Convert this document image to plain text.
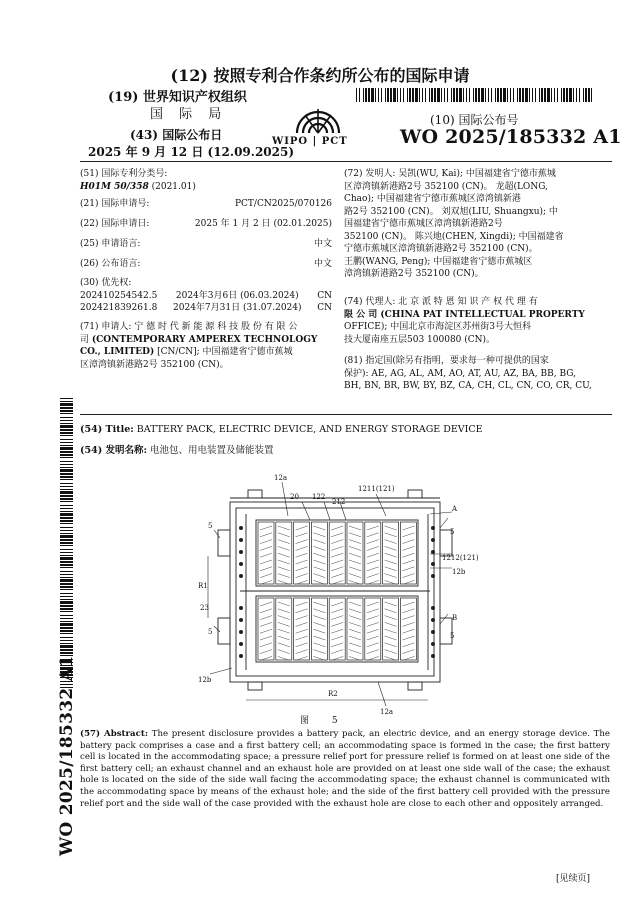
(12) 按照专利合作条约所公布的国际申请
(19) 世界知识产权组织
国 际 局
(43) 国际公布日
2025 年 9 月 12 日 (12.09.2025)
(10) 国际公布号
WO 2025/185332 A1
WIPO | PCT
(51) 国际专利分类号:
H01M 50/358 (2021.01)
(21) 国际申请号:	PCT/CN2025/070126
(22) 国际申请日:	2025 年 1 月 2 日 (02.01.2025)
(25) 申请语言:	中文
(26) 公布语言:	中文
(30) 优先权:
202410254542.5 2024年3月6日 (06.03.2024) CN
202421839261.8 2024年7月31日 (31.07.2024) CN
(71) 申请人: 宁 德 时 代 新 能 源 科 技 股 份 有 限 公
司 (CONTEMPORARY AMPEREX TECHNOLOGY
CO., LIMITED) [CN/CN]; 中国福建省宁德市蕉城
区漳湾镇新港路2号 352100 (CN)。
(72) 发明人: 吴凯(WU, Kai); 中国福建省宁德市蕉城
区漳湾镇新港路2号 352100 (CN)。 龙超(LONG,
Chao); 中国福建省宁德市蕉城区漳湾镇新港
路2号 352100 (CN)。 刘双旭(LIU, Shuangxu); 中
国福建省宁德市蕉城区漳湾镇新港路2号
352100 (CN)。 陈兴地(CHEN, Xingdi); 中国福建省
宁德市蕉城区漳湾镇新港路2号 352100 (CN)。
王鹏(WANG, Peng); 中国福建省宁德市蕉城区
漳湾镇新港路2号 352100 (CN)。
(74) 代理人: 北 京 派 特 恩 知 识 产 权 代 理 有
限 公 司 (CHINA PAT INTELLECTUAL PROPERTY
OFFICE); 中国北京市海淀区苏州街3号大恒科
技大厦南座五层503 100080 (CN)。
(81) 指定国(除另有指明，要求每一种可提供的国家
保护): AE, AG, AL, AM, AO, AT, AU, AZ, BA, BB, BG,
BH, BN, BR, BW, BY, BZ, CA, CH, CL, CN, CO, CR, CU,
WO 2025/185332 A1
(54) Title: BATTERY PACK, ELECTRIC DEVICE, AND ENERGY STORAGE DEVICE
(54) 发明名称: 电池包、用电装置及储能装置
12a
20 122
212
1211(121)
A
5
5
5	5
1212(121)
12b
R1
23
B
12b
R2
12a
图 5
(57) Abstract: The present disclosure provides a battery pack, an electric device, and an energy storage device. The battery pack comprises a case and a first battery cell; an accommodating space is formed in the case; the first battery cell is located in the accommodating space; a pressure relief port for pressure relief is formed on at least one side of the first battery cell; an exhaust channel and an exhaust hole are provided on at least one side wall of the case; the exhaust hole is located on the side of the side wall facing the accommodating space; the exhaust channel is communicated with the accommodating space by means of the exhaust hole; and the side of the first battery cell provided with the pressure relief port and the side wall of the case provided with the exhaust hole are close to each other and oppositely arranged.
[见续页]
